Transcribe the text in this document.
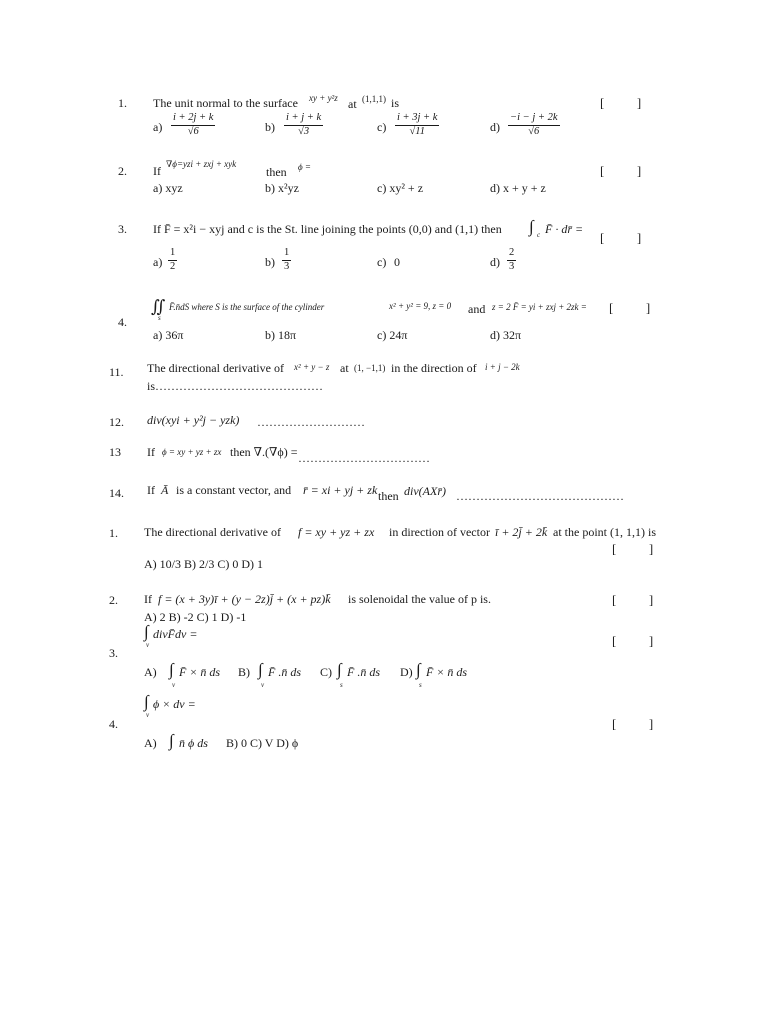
1. The unit normal to the surface xy + y²z at (1,1,1) is	[          ]
a)
i + 2j + k
√6	b)
i + j + k
√3	c)
i + 3j + k
√11	d)
−i − j + 2k
√6
2. If ∇ϕ=yzi + zxj + xyk
then ϕ =	[          ]
a) xyz	b) x²yz	c) xy² + z	d) x + y + z
3. If F̄ = x²i − xyj and c is the St. line joining the points (0,0) and (1,1) then ∫ c F̄ · dr̄ =
[          ]
a)
1
2	b)
1
3	c) 0	d)
2
3
∬
s
F̄.n̄dS where S is the surface of the cylinder	x² + y² = 9, z = 0 and z = 2 F̄ = yi + zxj + 2zk = [          ]
4.
a) 36π	b) 18π	c) 24π	d) 32π
11. The directional derivative of x² + y − z at (1, −1,1) in the direction of i + j − 2k
is……………………………………
12. div(xyi + y²j − yzk) ………………………
13 If ϕ = xy + yz + zx then ∇.(∇ϕ) = ……………………………
14. If Ā is a constant vector, and r̄ = xi + yj + zk then div(AXr̄) ……………………………………
1. The directional derivative of f = xy + yz + zx in direction of vector ī + 2j̄ + 2k̄ at the point (1, 1,1) is
[          ]
A) 10/3 B) 2/3 C) 0 D) 1
2. If f = (x + 3y)ī + (y − 2z)j̄ + (x + pz)k̄ is solenoidal the value of p is.	[          ]
A) 2 B) -2 C) 1 D) -1
∫
v
divF̄dv =	[          ]
3.
A) ∫
v
F̄ × n̄ ds B) ∫
v
F̄ .n̄ ds C) ∫
s
F̄ .n̄ ds D) ∫
s
F̄ × n̄ ds
∫
v
ϕ × dv =
[          ]
4.
A) ∫ n̄ ϕ ds B) 0 C) V D) ϕ
